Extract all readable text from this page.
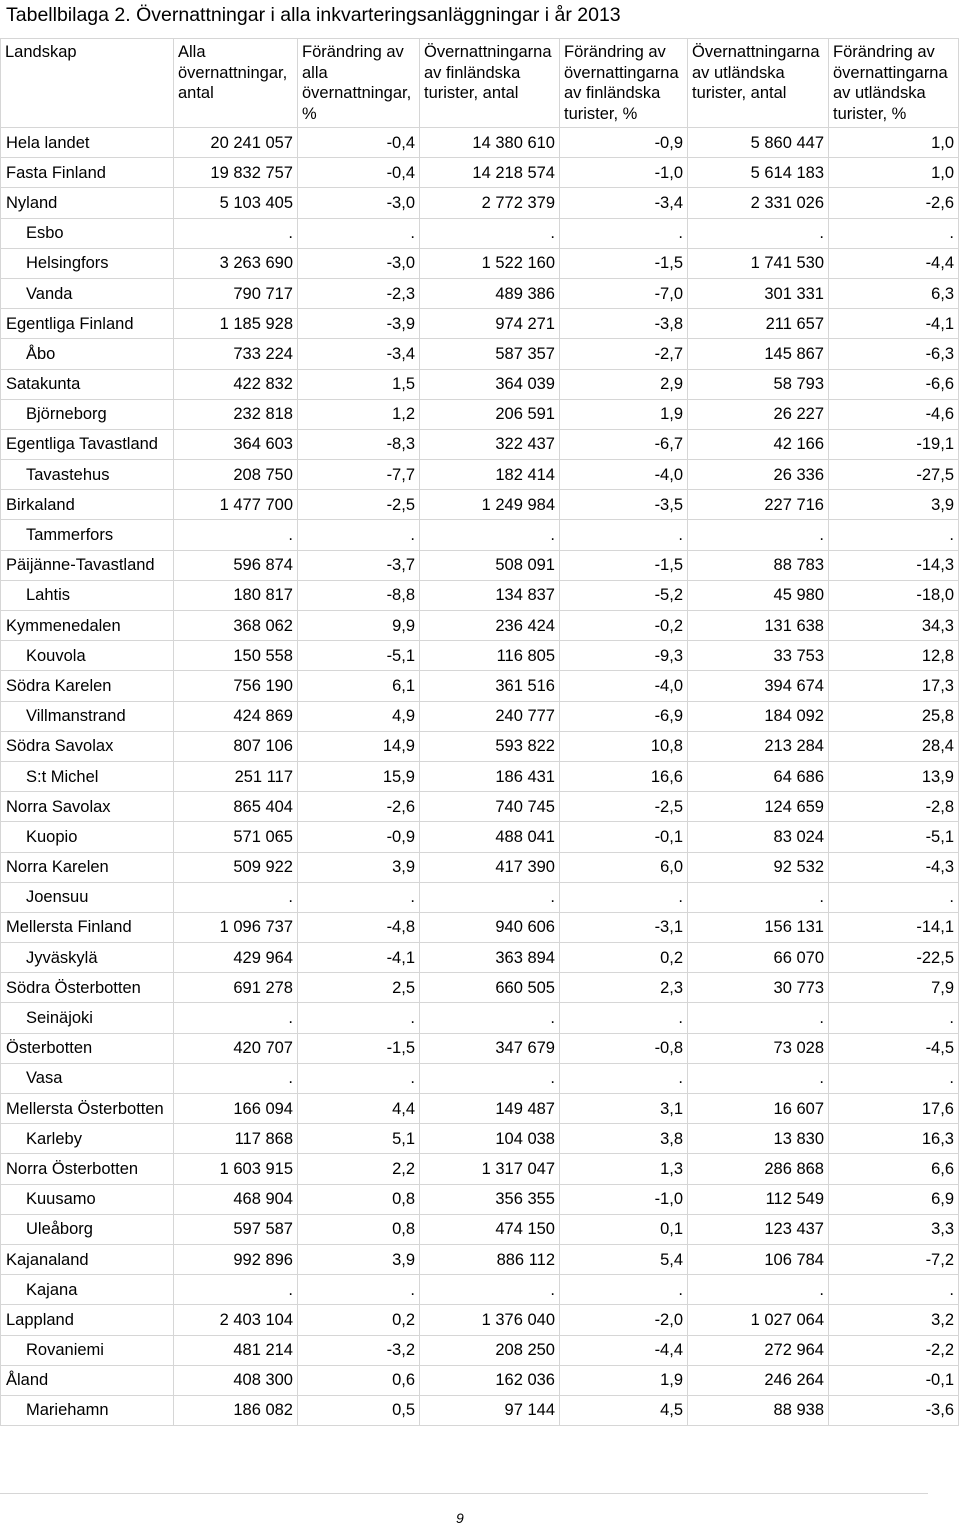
Tabellbilaga 2. Övernattningar i alla inkvarteringsanläggningar i år 2013
Landskap	Alla övernattningar, antal	Förändring av alla övernattningar, %	Övernattningarna av finländska turister, antal	Förändring av övernattingarna av finländska turister, %	Övernattningarna av utländska turister, antal	Förändring av övernattingarna av utländska turister, %
Hela landet	20 241 057	-0,4	14 380 610	-0,9	5 860 447	1,0
Fasta Finland	19 832 757	-0,4	14 218 574	-1,0	5 614 183	1,0
Nyland	5 103 405	-3,0	2 772 379	-3,4	2 331 026	-2,6
Esbo	.	.	.	.	.	.
Helsingfors	3 263 690	-3,0	1 522 160	-1,5	1 741 530	-4,4
Vanda	790 717	-2,3	489 386	-7,0	301 331	6,3
Egentliga Finland	1 185 928	-3,9	974 271	-3,8	211 657	-4,1
Åbo	733 224	-3,4	587 357	-2,7	145 867	-6,3
Satakunta	422 832	1,5	364 039	2,9	58 793	-6,6
Björneborg	232 818	1,2	206 591	1,9	26 227	-4,6
Egentliga Tavastland	364 603	-8,3	322 437	-6,7	42 166	-19,1
Tavastehus	208 750	-7,7	182 414	-4,0	26 336	-27,5
Birkaland	1 477 700	-2,5	1 249 984	-3,5	227 716	3,9
Tammerfors	.	.	.	.	.	.
Päijänne-Tavastland	596 874	-3,7	508 091	-1,5	88 783	-14,3
Lahtis	180 817	-8,8	134 837	-5,2	45 980	-18,0
Kymmenedalen	368 062	9,9	236 424	-0,2	131 638	34,3
Kouvola	150 558	-5,1	116 805	-9,3	33 753	12,8
Södra Karelen	756 190	6,1	361 516	-4,0	394 674	17,3
Villmanstrand	424 869	4,9	240 777	-6,9	184 092	25,8
Södra Savolax	807 106	14,9	593 822	10,8	213 284	28,4
S:t Michel	251 117	15,9	186 431	16,6	64 686	13,9
Norra Savolax	865 404	-2,6	740 745	-2,5	124 659	-2,8
Kuopio	571 065	-0,9	488 041	-0,1	83 024	-5,1
Norra Karelen	509 922	3,9	417 390	6,0	92 532	-4,3
Joensuu	.	.	.	.	.	.
Mellersta Finland	1 096 737	-4,8	940 606	-3,1	156 131	-14,1
Jyväskylä	429 964	-4,1	363 894	0,2	66 070	-22,5
Södra Österbotten	691 278	2,5	660 505	2,3	30 773	7,9
Seinäjoki	.	.	.	.	.	.
Österbotten	420 707	-1,5	347 679	-0,8	73 028	-4,5
Vasa	.	.	.	.	.	.
Mellersta Österbotten	166 094	4,4	149 487	3,1	16 607	17,6
Karleby	117 868	5,1	104 038	3,8	13 830	16,3
Norra Österbotten	1 603 915	2,2	1 317 047	1,3	286 868	6,6
Kuusamo	468 904	0,8	356 355	-1,0	112 549	6,9
Uleåborg	597 587	0,8	474 150	0,1	123 437	3,3
Kajanaland	992 896	3,9	886 112	5,4	106 784	-7,2
Kajana	.	.	.	.	.	.
Lappland	2 403 104	0,2	1 376 040	-2,0	1 027 064	3,2
Rovaniemi	481 214	-3,2	208 250	-4,4	272 964	-2,2
Åland	408 300	0,6	162 036	1,9	246 264	-0,1
Mariehamn	186 082	0,5	97 144	4,5	88 938	-3,6
9
